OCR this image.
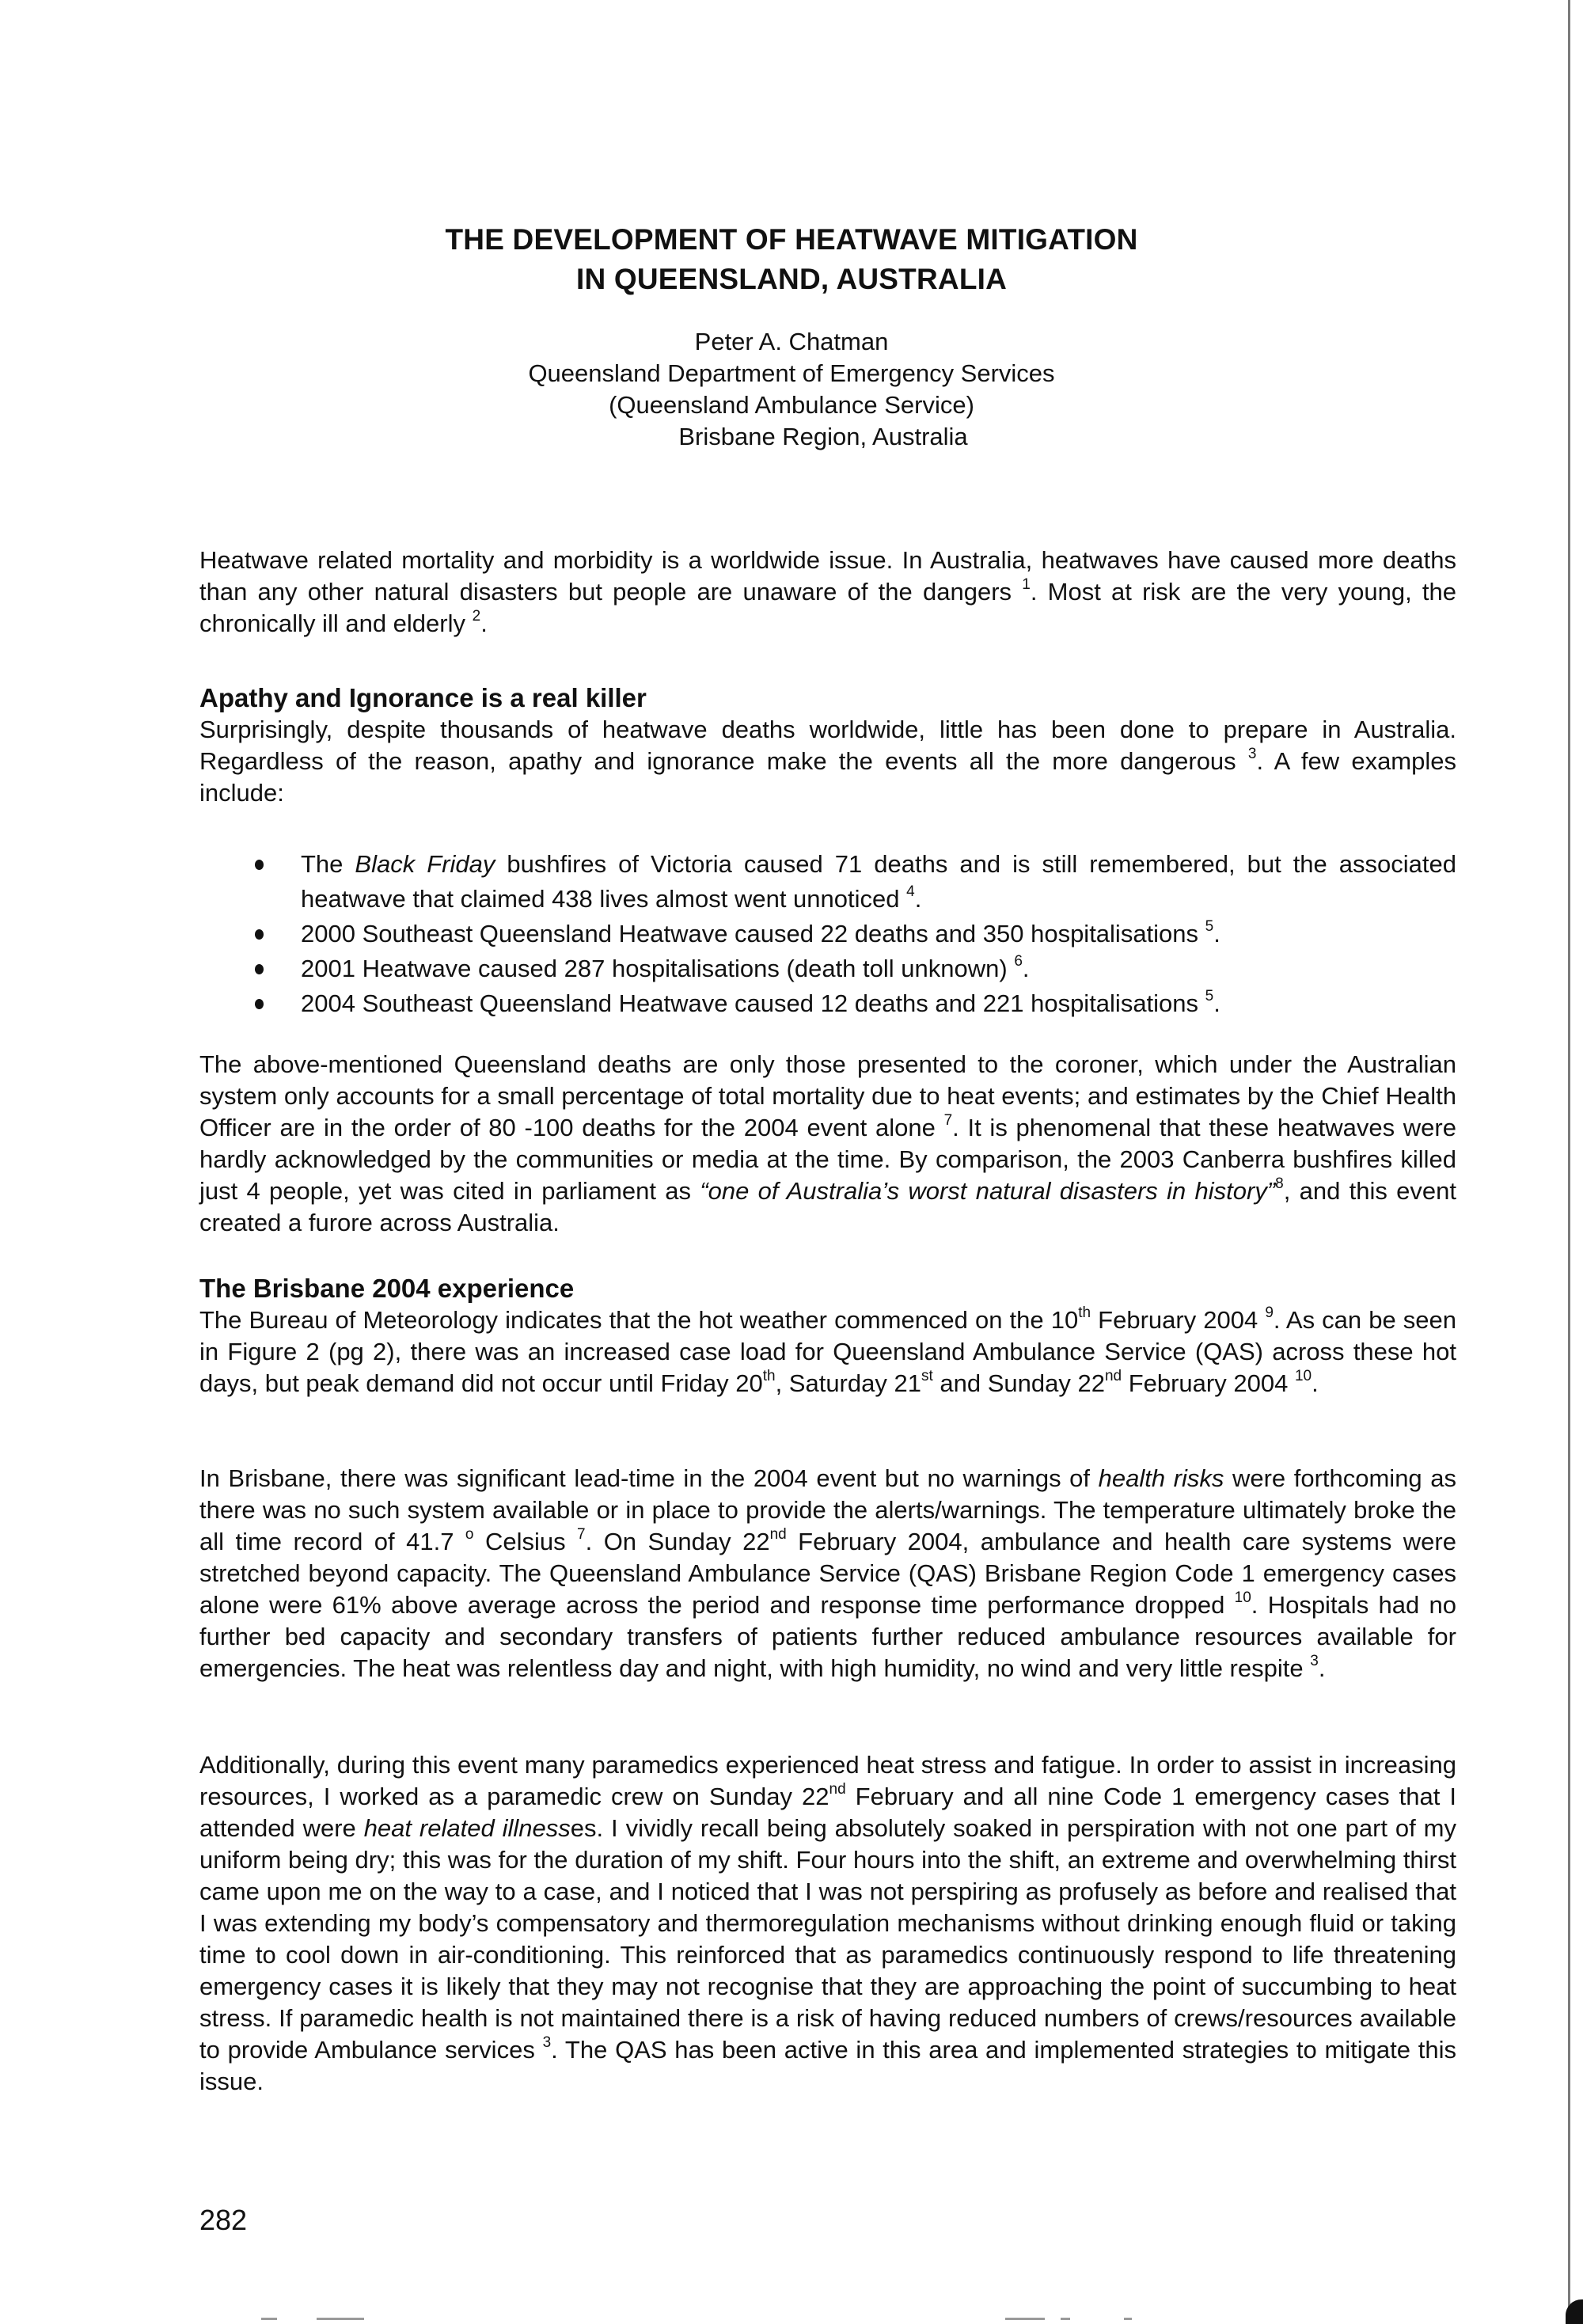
THE DEVELOPMENT OF HEATWAVE MITIGATION
IN QUEENSLAND, AUSTRALIA
Peter A. Chatman
Queensland Department of Emergency Services
(Queensland Ambulance Service)
Brisbane Region, Australia

Heatwave related mortality and morbidity is a worldwide issue. In Australia, heatwaves have caused more deaths than any other natural disasters but people are unaware of the dangers $^1$. Most at risk are the very young, the chronically ill and elderly $^2$.

Apathy and Ignorance is a real killer

Surprisingly, despite thousands of heatwave deaths worldwide, little has been done to prepare in Australia. Regardless of the reason, apathy and ignorance make the events all the more dangerous $^3$. A few examples include:

The Black Friday bushfires of Victoria caused 71 deaths and is still remembered, but the associated heatwave that claimed 438 lives almost went unnoticed $^4$.
2000 Southeast Queensland Heatwave caused 22 deaths and 350 hospitalisations $^5$.
2001 Heatwave caused 287 hospitalisations (death toll unknown) $^6$.
2004 Southeast Queensland Heatwave caused 12 deaths and 221 hospitalisations $^5$.

The above-mentioned Queensland deaths are only those presented to the coroner, which under the Australian system only accounts for a small percentage of total mortality due to heat events; and estimates by the Chief Health Officer are in the order of 80 -100 deaths for the 2004 event alone $^7$. It is phenomenal that these heatwaves were hardly acknowledged by the communities or media at the time. By comparison, the 2003 Canberra bushfires killed just 4 people, yet was cited in parliament as “one of Australia’s worst natural disasters in history”$^8$, and this event created a furore across Australia.

The Brisbane 2004 experience

The Bureau of Meteorology indicates that the hot weather commenced on the 10th February 2004 $^9$. As can be seen in Figure 2 (pg 2), there was an increased case load for Queensland Ambulance Service (QAS) across these hot days, but peak demand did not occur until Friday 20th, Saturday 21st and Sunday 22nd February 2004 $^{10}$.

In Brisbane, there was significant lead-time in the 2004 event but no warnings of health risks were forthcoming as there was no such system available or in place to provide the alerts/warnings. The temperature ultimately broke the all time record of 41.7 $^o$ Celsius $^7$. On Sunday 22nd February 2004, ambulance and health care systems were stretched beyond capacity. The Queensland Ambulance Service (QAS) Brisbane Region Code 1 emergency cases alone were 61% above average across the period and response time performance dropped $^{10}$. Hospitals had no further bed capacity and secondary transfers of patients further reduced ambulance resources available for emergencies. The heat was relentless day and night, with high humidity, no wind and very little respite $^3$.

Additionally, during this event many paramedics experienced heat stress and fatigue. In order to assist in increasing resources, I worked as a paramedic crew on Sunday 22nd February and all nine Code 1 emergency cases that I attended were heat related illnesses. I vividly recall being absolutely soaked in perspiration with not one part of my uniform being dry; this was for the duration of my shift. Four hours into the shift, an extreme and overwhelming thirst came upon me on the way to a case, and I noticed that I was not perspiring as profusely as before and realised that I was extending my body’s compensatory and thermoregulation mechanisms without drinking enough fluid or taking time to cool down in air-conditioning. This reinforced that as paramedics continuously respond to life threatening emergency cases it is likely that they may not recognise that they are approaching the point of succumbing to heat stress. If paramedic health is not maintained there is a risk of having reduced numbers of crews/resources available to provide Ambulance services $^3$. The QAS has been active in this area and implemented strategies to mitigate this issue.

282
